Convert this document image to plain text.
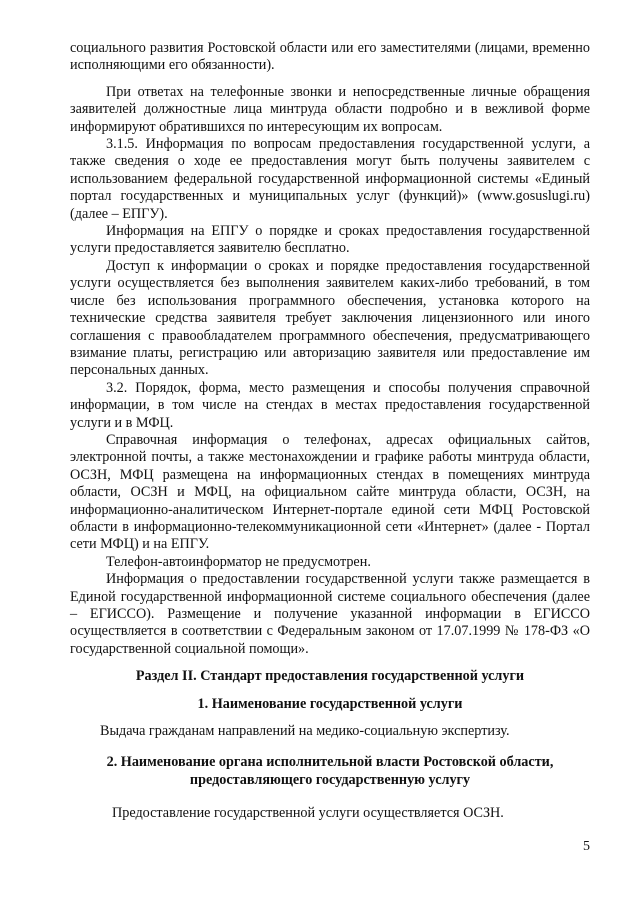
социального развития Ростовской области или его заместителями (лицами, временно исполняющими его обязанности).

При ответах на телефонные звонки и непосредственные личные обращения заявителей должностные лица минтруда области подробно и в вежливой форме информируют обратившихся по интересующим их вопросам.

3.1.5. Информация по вопросам предоставления государственной услуги, а также сведения о ходе ее предоставления могут быть получены заявителем с использованием федеральной государственной информационной системы «Единый портал государственных и муниципальных услуг (функций)» (www.gosuslugi.ru) (далее – ЕПГУ).

Информация на ЕПГУ о порядке и сроках предоставления государственной услуги предоставляется заявителю бесплатно.

Доступ к информации о сроках и порядке предоставления государственной услуги осуществляется без выполнения заявителем каких-либо требований, в том числе без использования программного обеспечения, установка которого на технические средства заявителя требует заключения лицензионного или иного соглашения с правообладателем программного обеспечения, предусматривающего взимание платы, регистрацию или авторизацию заявителя или предоставление им персональных данных.

3.2. Порядок, форма, место размещения и способы получения справочной информации, в том числе на стендах в местах предоставления государственной услуги и в МФЦ.

Справочная информация о телефонах, адресах официальных сайтов, электронной почты, а также местонахождении и графике работы минтруда области, ОСЗН, МФЦ размещена на информационных стендах в помещениях минтруда области, ОСЗН и МФЦ, на официальном сайте минтруда области, ОСЗН, на информационно-аналитическом Интернет-портале единой сети МФЦ Ростовской области в информационно-телекоммуникационной сети «Интернет» (далее - Портал сети МФЦ) и на ЕПГУ.

Телефон-автоинформатор не предусмотрен.

Информация о предоставлении государственной услуги также размещается в Единой государственной информационной системе социального обеспечения (далее – ЕГИССО). Размещение и получение указанной информации в ЕГИССО осуществляется в соответствии с Федеральным законом от 17.07.1999 № 178-ФЗ «О государственной социальной помощи».

Раздел II. Стандарт предоставления государственной услуги
1. Наименование государственной услуги

Выдача гражданам направлений на медико-социальную экспертизу.

2. Наименование органа исполнительной власти Ростовской области,
предоставляющего государственную услугу

Предоставление государственной услуги осуществляется ОСЗН.

5
